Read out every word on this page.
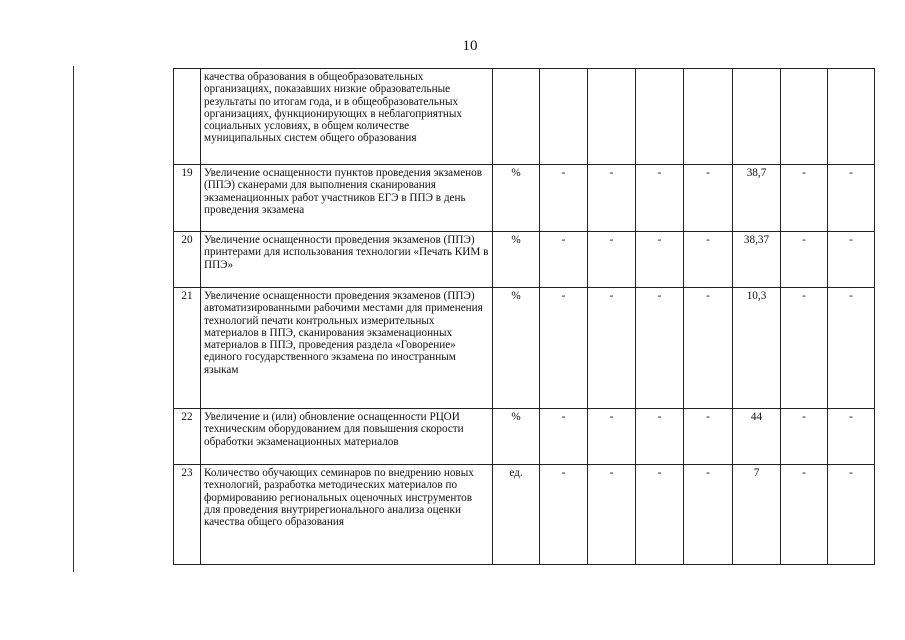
10
	качества образования в общеобразовательных организациях, показавших низкие образовательные результаты по итогам года, и в общеобразовательных организациях, функционирующих в неблагоприятных социальных условиях, в общем количестве муниципальных систем общего образования								
19	Увеличение оснащенности пунктов проведения экзаменов (ППЭ) сканерами для выполнения сканирования экзаменационных работ участников ЕГЭ в ППЭ в день проведения экзамена	%	-	-	-	-	38,7	-	-
20	Увеличение оснащенности проведения экзаменов (ППЭ) принтерами для использования технологии «Печать КИМ в ППЭ»	%	-	-	-	-	38,37	-	-
21	Увеличение оснащенности проведения экзаменов (ППЭ) автоматизированными рабочими местами для применения технологий печати контрольных измерительных материалов в ППЭ, сканирования экзаменационных материалов в ППЭ, проведения раздела «Говорение» единого государственного экзамена по иностранным языкам	%	-	-	-	-	10,3	-	-
22	Увеличение и (или) обновление оснащенности РЦОИ техническим оборудованием для повышения скорости обработки экзаменационных материалов	%	-	-	-	-	44	-	-
23	Количество обучающих семинаров по внедрению новых технологий, разработка методических материалов по формированию региональных оценочных инструментов для проведения внутрирегионального анализа оценки качества общего образования	ед.	-	-	-	-	7	-	-
